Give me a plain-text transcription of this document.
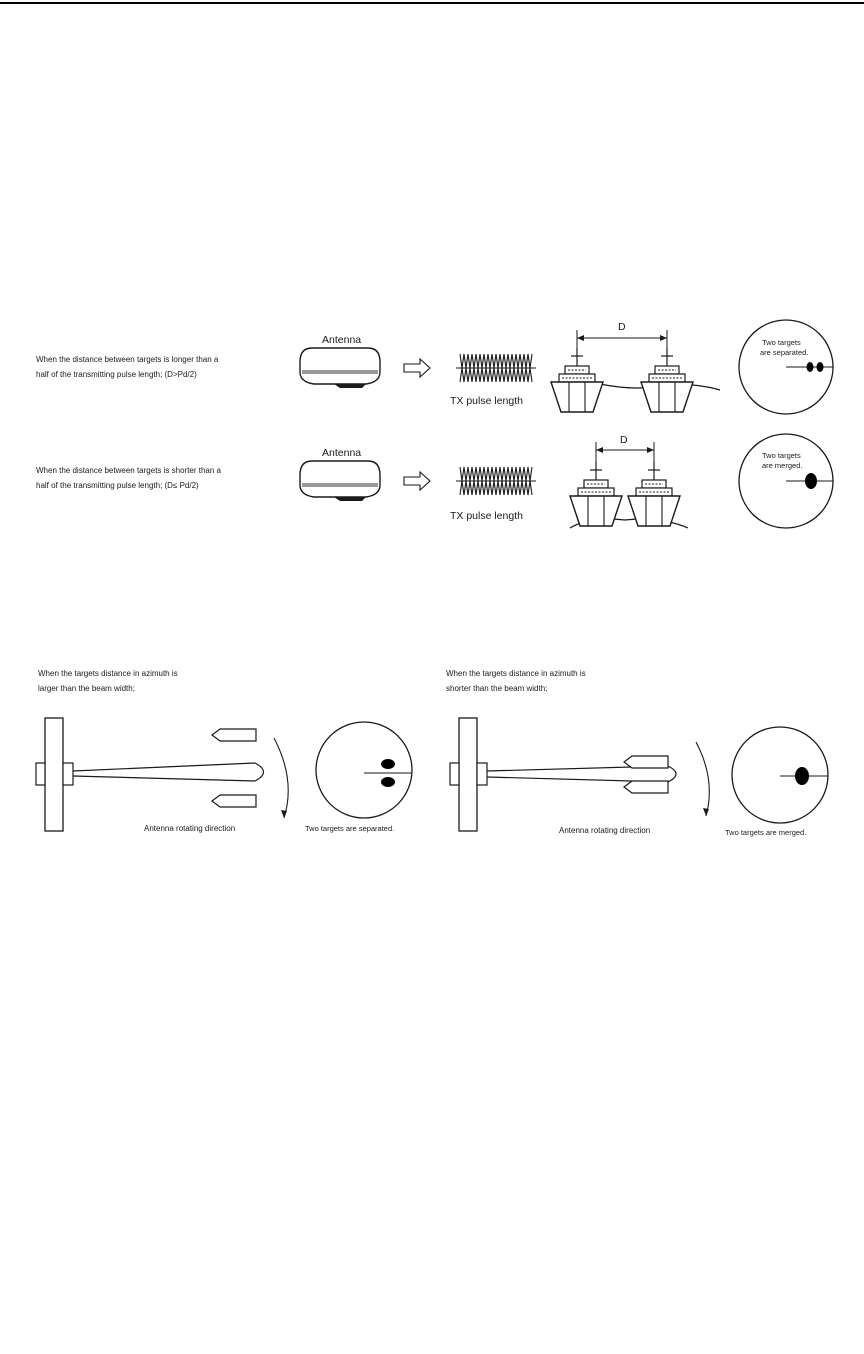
When the distance between targets is longer than a
half of the transmitting pulse length; (D>Pd/2)
Antenna
TX pulse length
D
Two targets
are separated.
When the distance between targets is shorter than a
half of the transmitting pulse length; (D≤ Pd/2)
Antenna
TX pulse length
D
Two targets
are merged.
When the targets distance in azimuth is
larger than the beam width;
Antenna rotating direction	Two targets are separated.
When the targets distance in azimuth is
shorter than the beam width;
Antenna rotating direction	Two targets are merged.
